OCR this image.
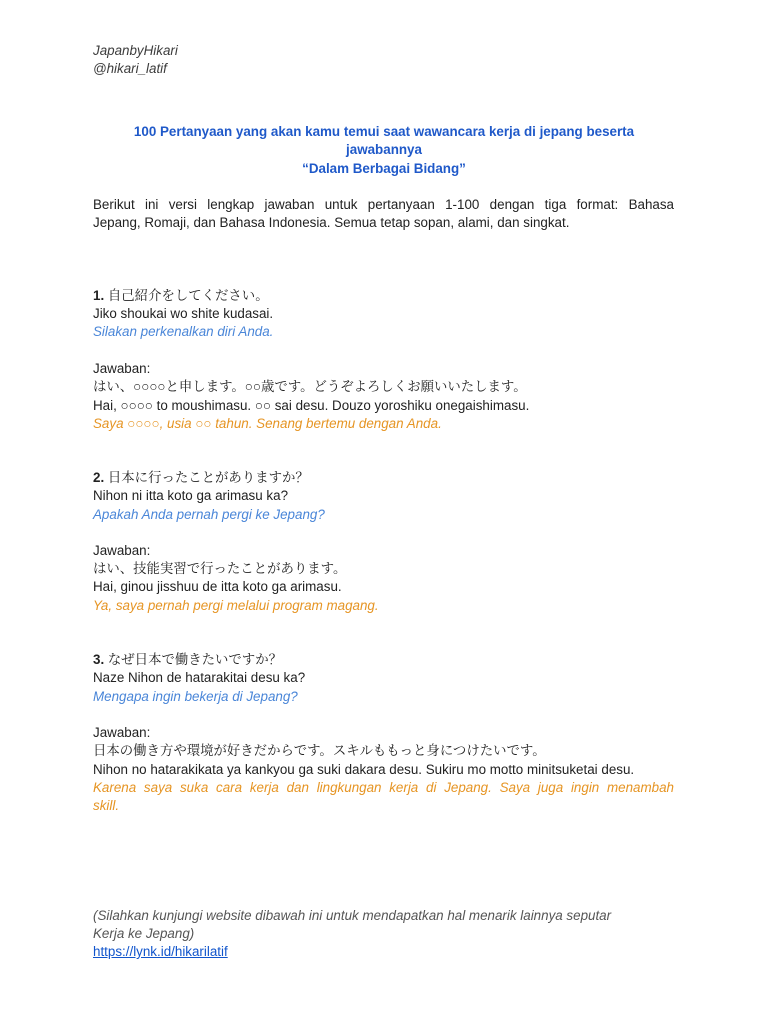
JapanbyHikari
@hikari_latif
100 Pertanyaan yang akan kamu temui saat wawancara kerja di jepang beserta
jawabannya
“Dalam Berbagai Bidang”
Berikut ini versi lengkap jawaban untuk pertanyaan 1-100 dengan tiga format: Bahasa
Jepang, Romaji, dan Bahasa Indonesia. Semua tetap sopan, alami, dan singkat.
1. 自己紹介をしてください。
Jiko shoukai wo shite kudasai.
Silakan perkenalkan diri Anda.
Jawaban:
はい、○○○○と申します。○○歳です。どうぞよろしくお願いいたします。
Hai, ○○○○ to moushimasu. ○○ sai desu. Douzo yoroshiku onegaishimasu.
Saya ○○○○, usia ○○ tahun. Senang bertemu dengan Anda.
2. 日本に行ったことがありますか？
Nihon ni itta koto ga arimasu ka?
Apakah Anda pernah pergi ke Jepang?
Jawaban:
はい、技能実習で行ったことがあります。
Hai, ginou jisshuu de itta koto ga arimasu.
Ya, saya pernah pergi melalui program magang.
3. なぜ日本で働きたいですか？
Naze Nihon de hatarakitai desu ka?
Mengapa ingin bekerja di Jepang?
Jawaban:
日本の働き方や環境が好きだからです。スキルももっと身につけたいです。
Nihon no hatarakikata ya kankyou ga suki dakara desu. Sukiru mo motto minitsuketai desu.
Karena saya suka cara kerja dan lingkungan kerja di Jepang. Saya juga ingin menambah
skill.
(Silahkan kunjungi website dibawah ini untuk mendapatkan hal menarik lainnya seputar
Kerja ke Jepang)
https://lynk.id/hikarilatif
